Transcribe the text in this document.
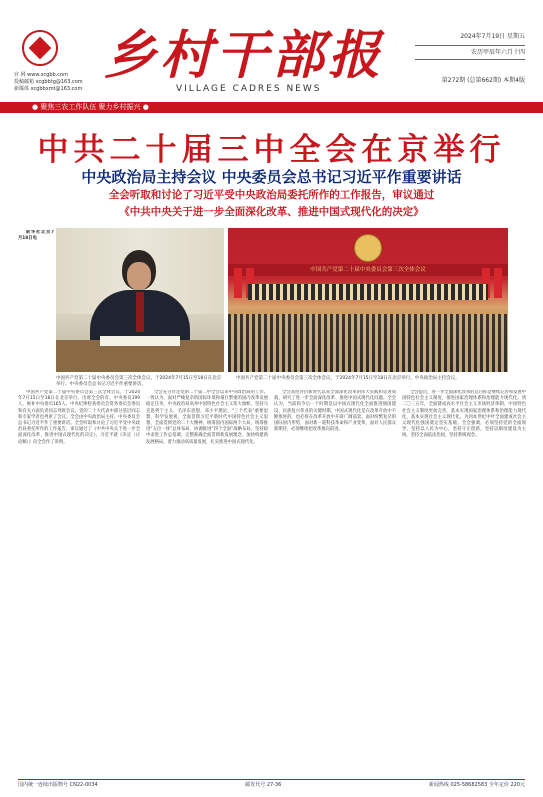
官 网 www.xcgbb.com
投稿邮箱 xcgbbtg@163.com
新媒体 xcgbbxmt@163.com
乡村干部报
VILLAGE CADRES NEWS
2024年7月19日 星期五
农历甲辰年六月十四
第272期 (总第662期) 本期4版
● 聚焦三农工作队伍 聚力乡村振兴 ●
中共二十届三中全会在京举行
中央政治局主持会议 中央委员会总书记习近平作重要讲话
全会听取和讨论了习近平受中央政治局委托所作的工作报告，审议通过
《中共中央关于进一步全面深化改革、推进中国式现代化的决定》
中国共产党第二十届中央委员会第三次全体会议，于2024年7月15日至18日在北京举行。中央委员会总书记习近平作重要讲话。
中国共产党第二十届中央委员会第三次全体会议
中国共产党第二十届中央委员会第三次全体会议，于2024年7月15日至18日在北京举行。中央政治局主持会议。

新华社北京7月18日电

中国共产党第二十届中央委员会第三次全体会议，于2024年7月15日至18日在北京举行。出席全会的有，中央委员199人，候补中央委员165人。中央纪律检查委员会常务委员会委员和有关方面负责同志列席会议。党的二十大代表中部分基层同志和专家学者也列席了会议。全会由中央政治局主持。中央委员会总书记习近平作了重要讲话。全会听取和讨论了习近平受中央政治局委托所作的工作报告，审议通过了《中共中央关于进一步全面深化改革、推进中国式现代化的决定》。习近平就《决定（讨论稿）》向全会作了说明。

全会充分肯定党的二十届二中全会以来中央政治局的工作。一致认为，面对严峻复杂的国际环境和艰巨繁重的国内改革发展稳定任务，中央政治局高举中国特色社会主义伟大旗帜，坚持马克思列宁主义、毛泽东思想、邓小平理论、“三个代表”重要思想、科学发展观，全面贯彻习近平新时代中国特色社会主义思想，全面贯彻党的二十大精神，统筹国内国际两个大局，统筹推进“五位一体”总体布局、协调推进“四个全面”战略布局，坚持稳中求进工作总基调，完整准确全面贯彻新发展理念，加快构建新发展格局，着力推动高质量发展，扎实推进中国式现代化。

全会高度评价新时代以来全面深化改革的伟大实践和显著成就，研究了进一步全面深化改革、推进中国式现代化问题。全会认为，当前和今后一个时期是以中国式现代化全面推进强国建设、民族复兴伟业的关键时期。中国式现代化是在改革开放中不断推进的，也必将在改革开放中开辟广阔前景。面对纷繁复杂的国际国内形势，面对新一轮科技革命和产业变革，面对人民群众新期待，必须继续把改革推向前进。

全会提出，进一步全面深化改革的总目标是继续完善和发展中国特色社会主义制度，推进国家治理体系和治理能力现代化。到二〇三五年，全面建成高水平社会主义市场经济体制，中国特色社会主义制度更加完善，基本实现国家治理体系和治理能力现代化，基本实现社会主义现代化，为到本世纪中叶全面建成社会主义现代化强国奠定坚实基础。全会强调，必须坚持党的全面领导，坚持以人民为中心，坚持守正创新，坚持以制度建设为主线，坚持全面依法治国，坚持系统观念。

国内统一连续出版物号 CN22-0034	邮发代号 27-36	新闻热线 025-58682583 全年定价 220元
